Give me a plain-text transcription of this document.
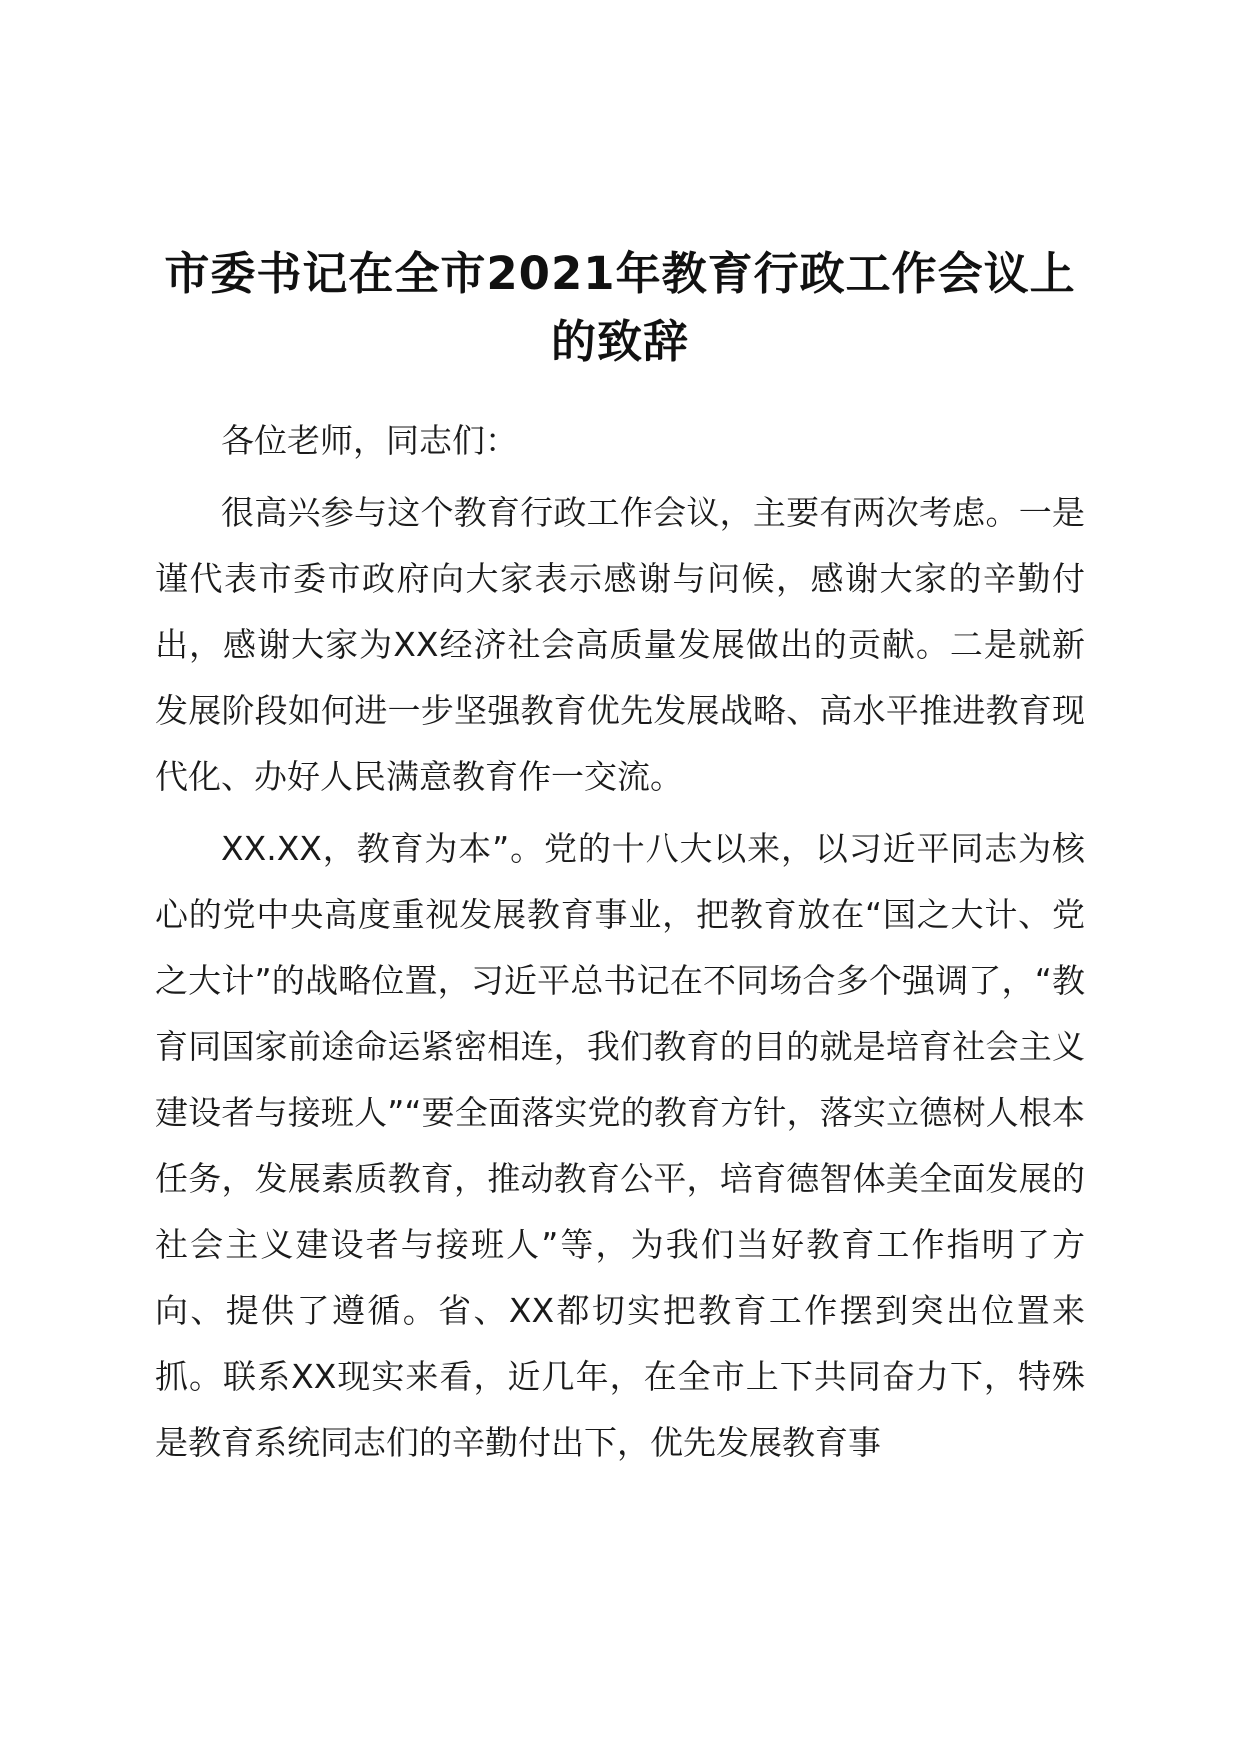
市委书记在全市2021年教育行政工作会议上
的致辞

各位老师，同志们：

很高兴参与这个教育行政工作会议，主要有两次考虑。一是谨代表市委市政府向大家表示感谢与问候，感谢大家的辛勤付出，感谢大家为XX经济社会高质量发展做出的贡献。二是就新发展阶段如何进一步坚强教育优先发展战略、高水平推进教育现代化、办好人民满意教育作一交流。

XX.XX，教育为本”。党的十八大以来，以习近平同志为核心的党中央高度重视发展教育事业，把教育放在“国之大计、党之大计”的战略位置，习近平总书记在不同场合多个强调了，“教育同国家前途命运紧密相连，我们教育的目的就是培育社会主义建设者与接班人”“要全面落实党的教育方针，落实立德树人根本任务，发展素质教育，推动教育公平，培育德智体美全面发展的社会主义建设者与接班人”等，为我们当好教育工作指明了方向、提供了遵循。省、XX都切实把教育工作摆到突出位置来抓。联系XX现实来看，近几年，在全市上下共同奋力下，特殊是教育系统同志们的辛勤付出下，优先发展教育事
